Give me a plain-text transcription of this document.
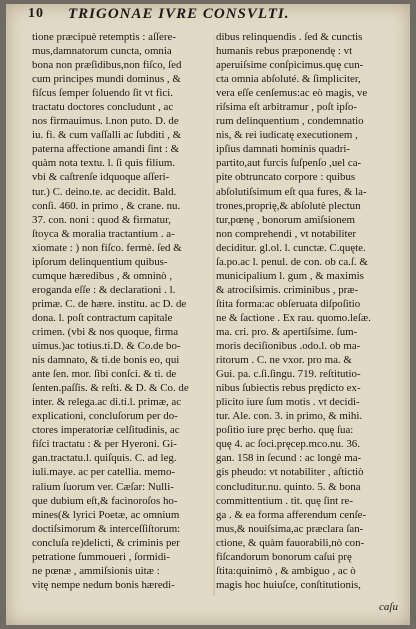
10 TRIGONAE IVRE CONSVLTI.
tione præcipuè retemptis : aſſere-
mus,damnatorum cuncta, omnia
bona non præſidibus,non fiſco, ſed
cum principes mundi dominus , &
fiſcus ſemper ſoluendo ſit vt fici.
tractatu doctores concludunt , ac
nos firmauimus. l.non puto. D. de
iu. fi. & cum vaſſalli ac ſubditi , &
paterna affectione amandi ſint : &
quàm nota textu. l. ſi quis filium.
vbi & caſtrenſe idquoque aſſeri-
tur.) C. deino.te. ac decidit. Bald.
conſi. 460. in primo , & crane. nu.
37. con. noni : quod & firmatur,
ſtoyca & moralia tractantium . a-
xiomate : ) non fiſco. fermè. ſed &
ipſorum delinquentium quibus-
cumque hæredibus , & omninò ,
eroganda eſſe : & declarationi . l.
primæ. C. de hære. institu. ac D. de
dona. l. poſt contractum capitale
crimen. (vbi & nos quoque, firma
uimus.)ac totius.ti.D. & Co.de bo-
nis damnato, & ti.de bonis eo, qui
ante ſen. mor. ſibi conſci. & ti. de
ſenten.paſſis. & reſti. & D. & Co. de
inter. & relega.ac di.ti.l. primæ, ac
explicationi, concluſorum per do-
ctores imperatoriæ celſitudinis, ac
fiſci tractatu : & per Hyeroni. Gi-
gan.tractatu.l. quiſquis. C. ad leg.
iuli.maye. ac per catellia. memo-
ralium ſuorum ver. Cæſar: Nulli-
que dubium eſt,& facinoroſos ho-
mines(& lyrici Poetæ, ac omnium
doctiſsimorum & interceſſiſtorum:
concluſa re)delicti, & criminis per
petratione ſummoueri , ſormidi-
ne pœnæ , ammiſsionis uitæ :
vitę nempe nedum bonis hæredi-
dibus relinquendis . ſed & cunctis
humanis rebus præponendę : vt
aperuiſsime conſpicimus.quę cun-
cta omnia abſoluté. & ſimpliciter,
vera eſſe cenſemus:ac eò magis, ve
riſsima eſt arbitramur , poſt ipſo-
rum delinquentium , condemnatio
nis, & rei iudicatę executionem ,
ipſius damnati hominis quadri-
partito,aut furcis ſuſpenſo ,uel ca-
pite obtruncato corpore : quibus
abſolutiſsimum eſt qua fures, & la-
trones,proprię,& abſolutè plectun
tur,pœnę , bonorum amiſsionem
non comprehendi , vt notabiliter
deciditur. gl.ol. l. cunctæ. C.quęte.
ſa.po.ac l. penul. de con. ob ca.ſ. &
municipalium l. gum , & maximis
& atrociſsimis. criminibus , præ-
ſtita forma:ac obſeruata diſpoſitio
ne & ſactione . Ex rau. quomo.leſæ.
ma. cri. pro. & apertiſsime. ſum-
moris deciſionibus .odo.l. ob ma-
ritorum . C. ne vxor. pro ma. &
Gui. pa. c.ſi.ſingu. 719. reſtitutio-
nibus ſubiectis rebus prędicto ex-
plicito iure ſum motis . vt decidi-
tur. Ale. con. 3. in primo, & mihi.
poſitio iure pręc berho. quę ſua:
quę 4. ac ſoci.pręcep.mco.nu. 36.
gan. 158 in ſecund : ac longè ma-
gis pheudo: vt notabiliter , aſtictiò
concluditur.nu. quinto. 5. & bona
committentium . tit. quę ſint re-
ga . & ea forma afferendum cenſe-
mus,& nouiſsima,ac præclara ſan-
ctione, & quàm fauorabili,nò con-
fiſcandorum bonorum caſui prę
ſtita:quinimò , & ambiguo , ac ò
magis hoc huiuſce, conſtitutionis,
caſu
